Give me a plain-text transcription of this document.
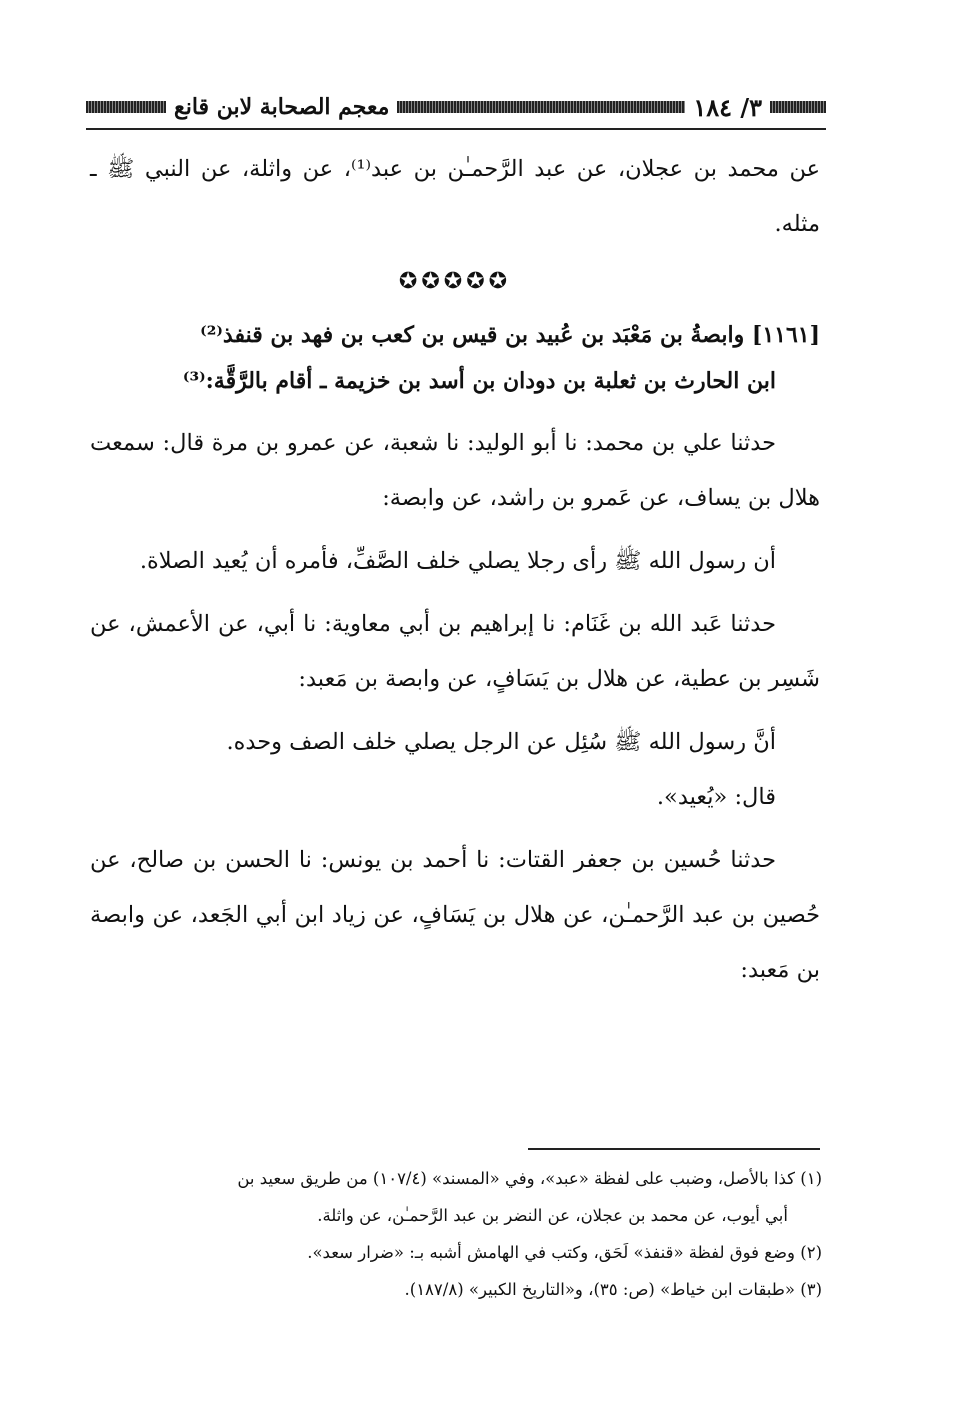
٣/ ١٨٤
معجم الصحابة لابن قانع

عن محمد بن عجلان، عن عبد الرَّحمـٰن بن عبد⁽¹⁾، عن واثلة، عن النبي ﷺ ـ مثله.

✪✪✪✪✪

[١١٦١] وابصةُ بن مَعْبَد بن عُبيد بن قيس بن كعب بن فهد بن قنفذ⁽²⁾

ابن الحارث بن ثعلبة بن دودان بن أسد بن خزيمة ـ أقام بالرَّقَّة:⁽³⁾

حدثنا علي بن محمد: نا أبو الوليد: نا شعبة، عن عمرو بن مرة قال: سمعت هلال بن يساف، عن عَمرو بن راشد، عن وابصة:

أن رسول الله ﷺ رأى رجلا يصلي خلف الصَّفِّ، فأمره أن يُعيد الصلاة.

حدثنا عَبد الله بن غَنَام: نا إبراهيم بن أبي معاوية: نا أبي، عن الأعمش، عن شَسِر بن عطية، عن هلال بن يَسَافٍ، عن وابصة بن مَعبد:

أنَّ رسول الله ﷺ سُئِل عن الرجل يصلي خلف الصف وحده.

قال: «يُعيد».

حدثنا حُسين بن جعفر القتات: نا أحمد بن يونس: نا الحسن بن صالح، عن حُصين بن عبد الرَّحمـٰن، عن هلال بن يَسَافٍ، عن زياد ابن أبي الجَعد، عن وابصة بن مَعبد:

(١) كذا بالأصل، وضبب على لفظة «عبد»، وفي «المسند» (١٠٧/٤) من طريق سعيد بن

أبي أيوب، عن محمد بن عجلان، عن النضر بن عبد الرَّحمـٰن، عن واثلة.

(٢) وضع فوق لفظة «قنفذ» لَحَق، وكتب في الهامش أشبه بـ: «ضرار سعد».

(٣) «طبقات ابن خياط» (ص: ٣٥)، و«التاريخ الكبير» (١٨٧/٨).
